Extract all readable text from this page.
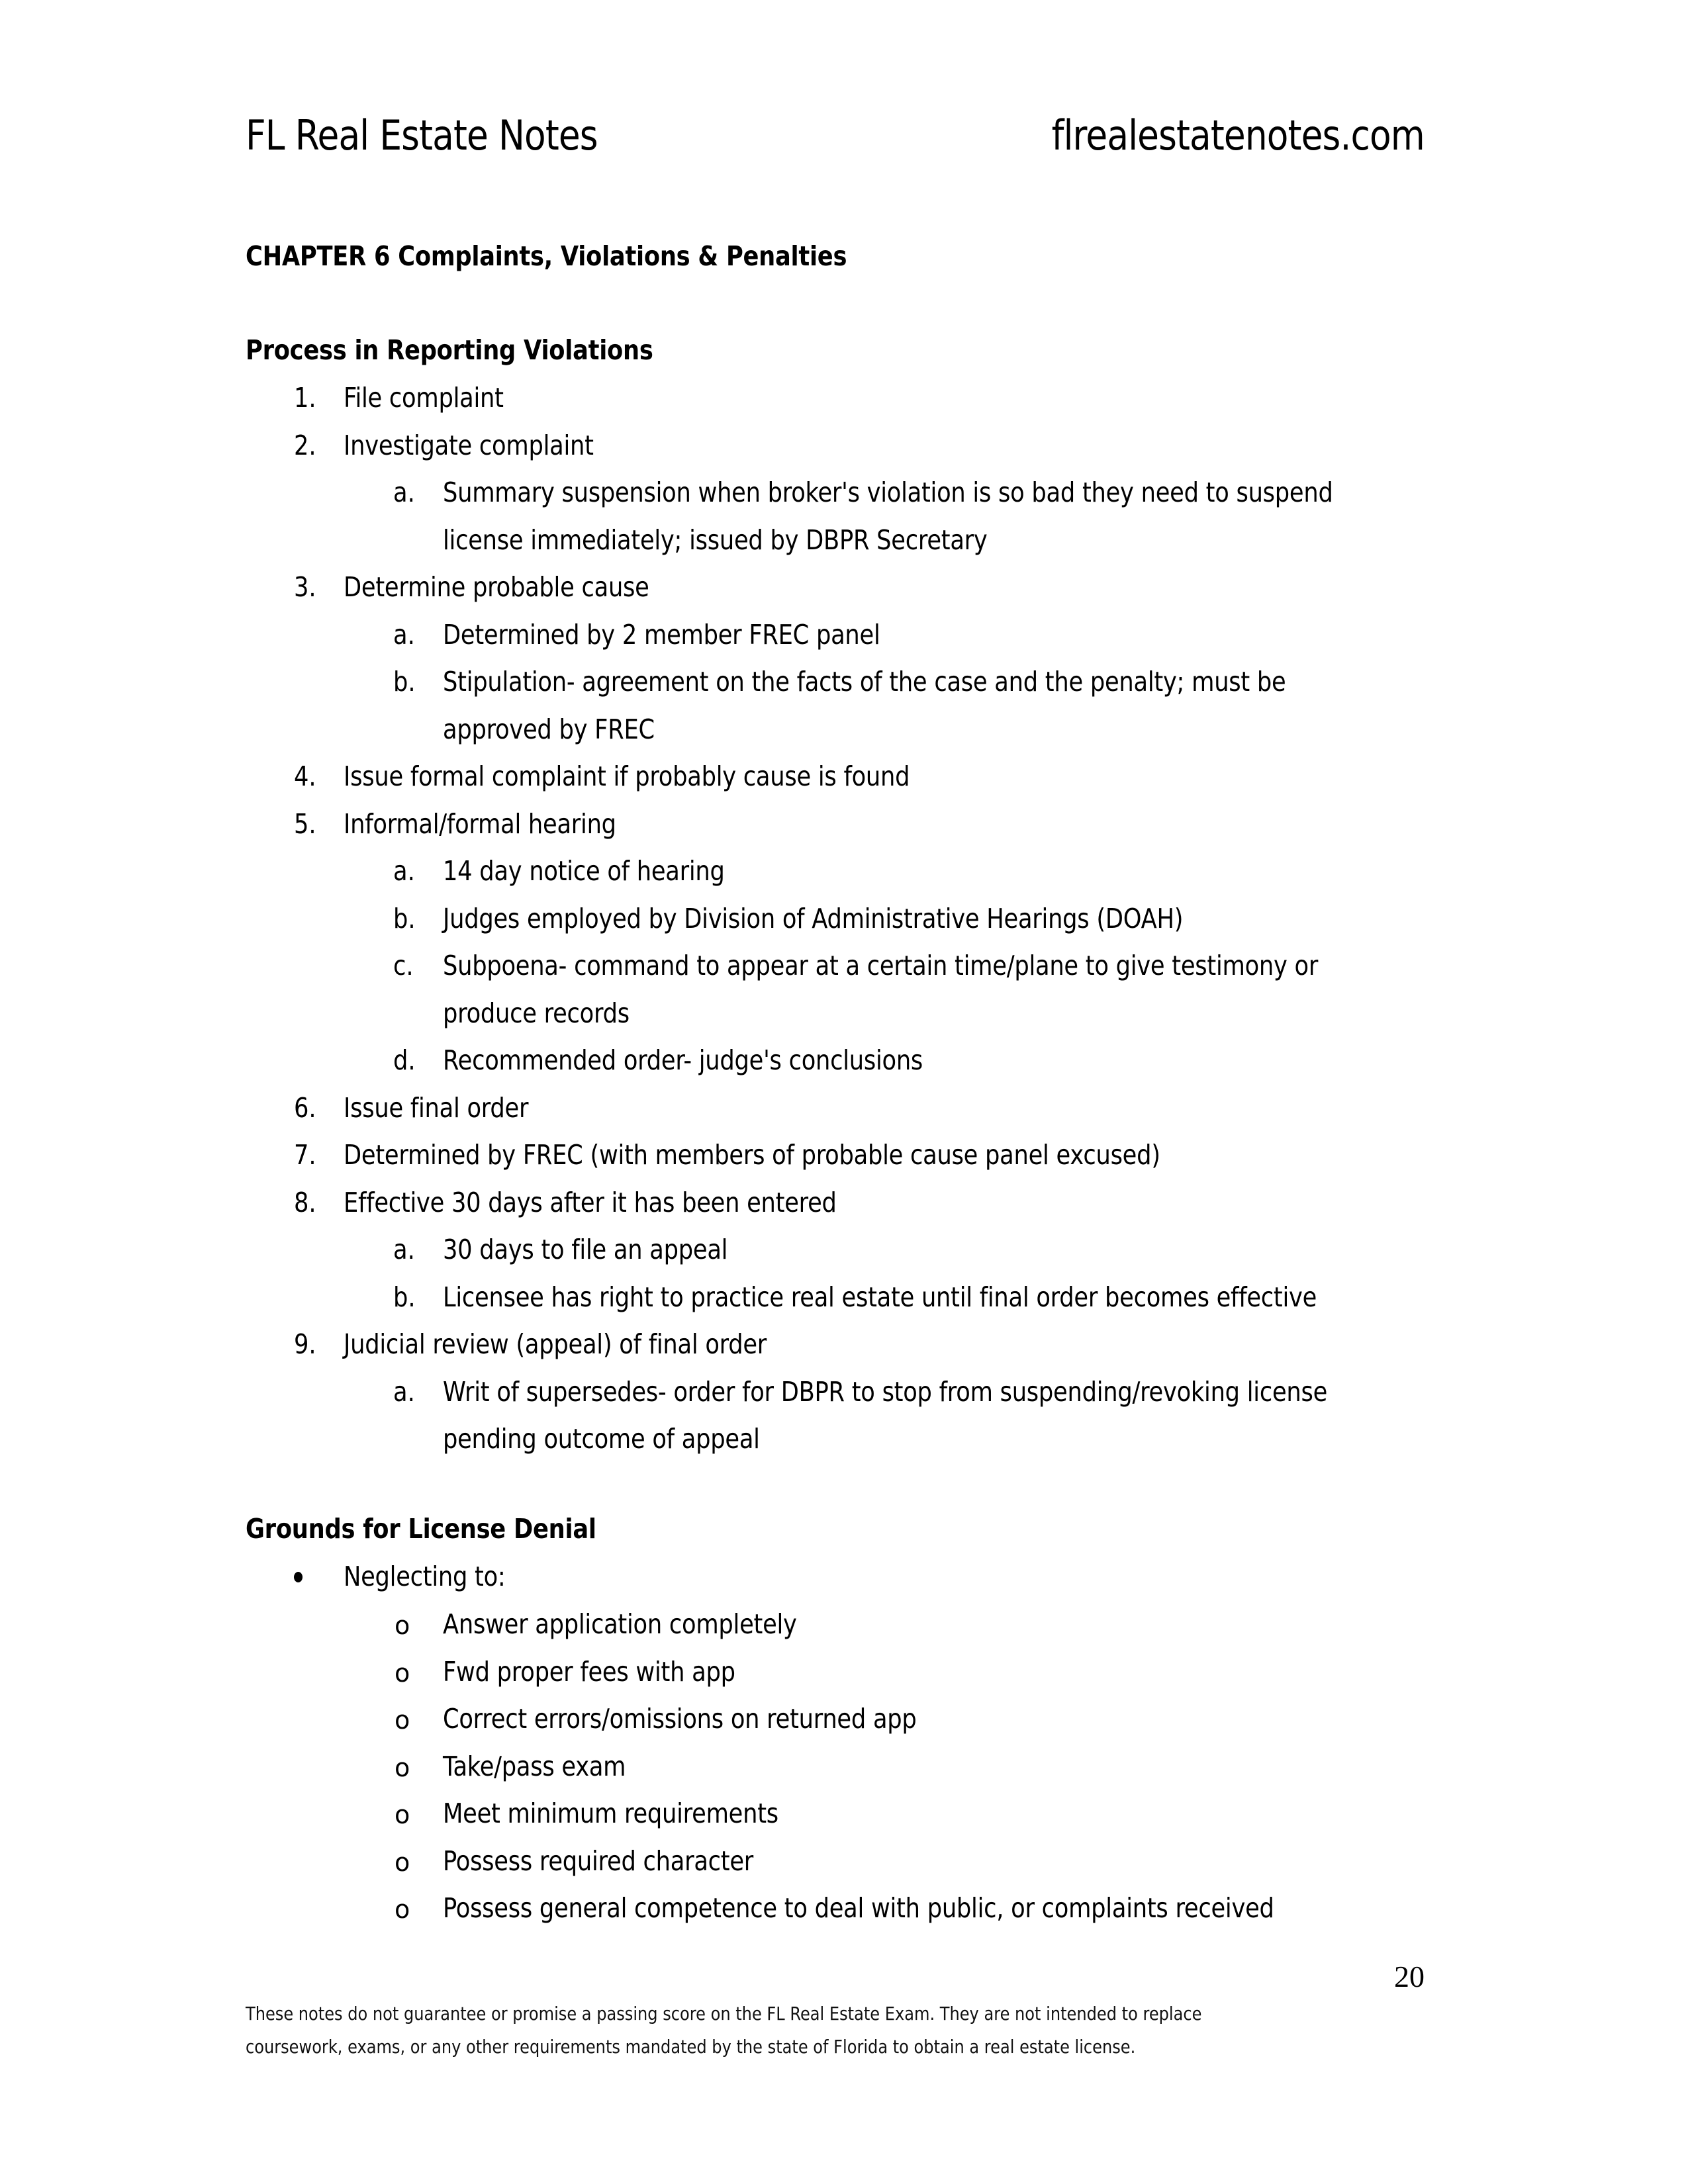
FL Real Estate Notes	flrealestatenotes.com
CHAPTER 6 Complaints, Violations & Penalties
Process in Reporting Violations
1. File complaint
2. Investigate complaint
a. Summary suspension when broker's violation is so bad they need to suspend
license immediately; issued by DBPR Secretary
3. Determine probable cause
a. Determined by 2 member FREC panel
b. Stipulation- agreement on the facts of the case and the penalty; must be
approved by FREC
4. Issue formal complaint if probably cause is found
5. Informal/formal hearing
a. 14 day notice of hearing
b. Judges employed by Division of Administrative Hearings (DOAH)
c. Subpoena- command to appear at a certain time/plane to give testimony or
produce records
d. Recommended order- judge's conclusions
6. Issue final order
7. Determined by FREC (with members of probable cause panel excused)
8. Effective 30 days after it has been entered
a. 30 days to file an appeal
b. Licensee has right to practice real estate until final order becomes effective
9. Judicial review (appeal) of final order
a. Writ of supersedes- order for DBPR to stop from suspending/revoking license
pending outcome of appeal
Grounds for License Denial
Neglecting to:
o Answer application completely
o Fwd proper fees with app
o Correct errors/omissions on returned app
o Take/pass exam
o Meet minimum requirements
o Possess required character
o Possess general competence to deal with public, or complaints received
20
These notes do not guarantee or promise a passing score on the FL Real Estate Exam. They are not intended to replace
coursework, exams, or any other requirements mandated by the state of Florida to obtain a real estate license.
